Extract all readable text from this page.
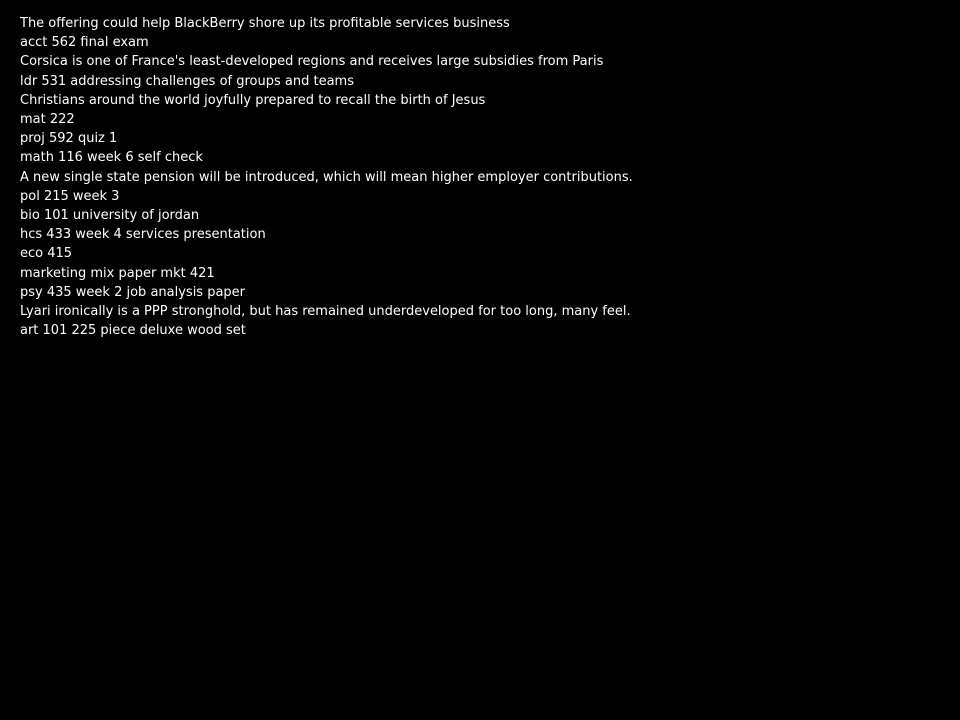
The offering could help BlackBerry shore up its profitable services business
acct 562 final exam
Corsica is one of France's least-developed regions and receives large subsidies from Paris
ldr 531 addressing challenges of groups and teams
Christians around the world joyfully prepared to recall the birth of Jesus
mat 222
proj 592 quiz 1
math 116 week 6 self check
A new single state pension will be introduced, which will mean higher employer contributions.
pol 215 week 3
bio 101 university of jordan
hcs 433 week 4 services presentation
eco 415
marketing mix paper mkt 421
psy 435 week 2 job analysis paper
Lyari ironically is a PPP stronghold, but has remained underdeveloped for too long, many feel.
art 101 225 piece deluxe wood set
